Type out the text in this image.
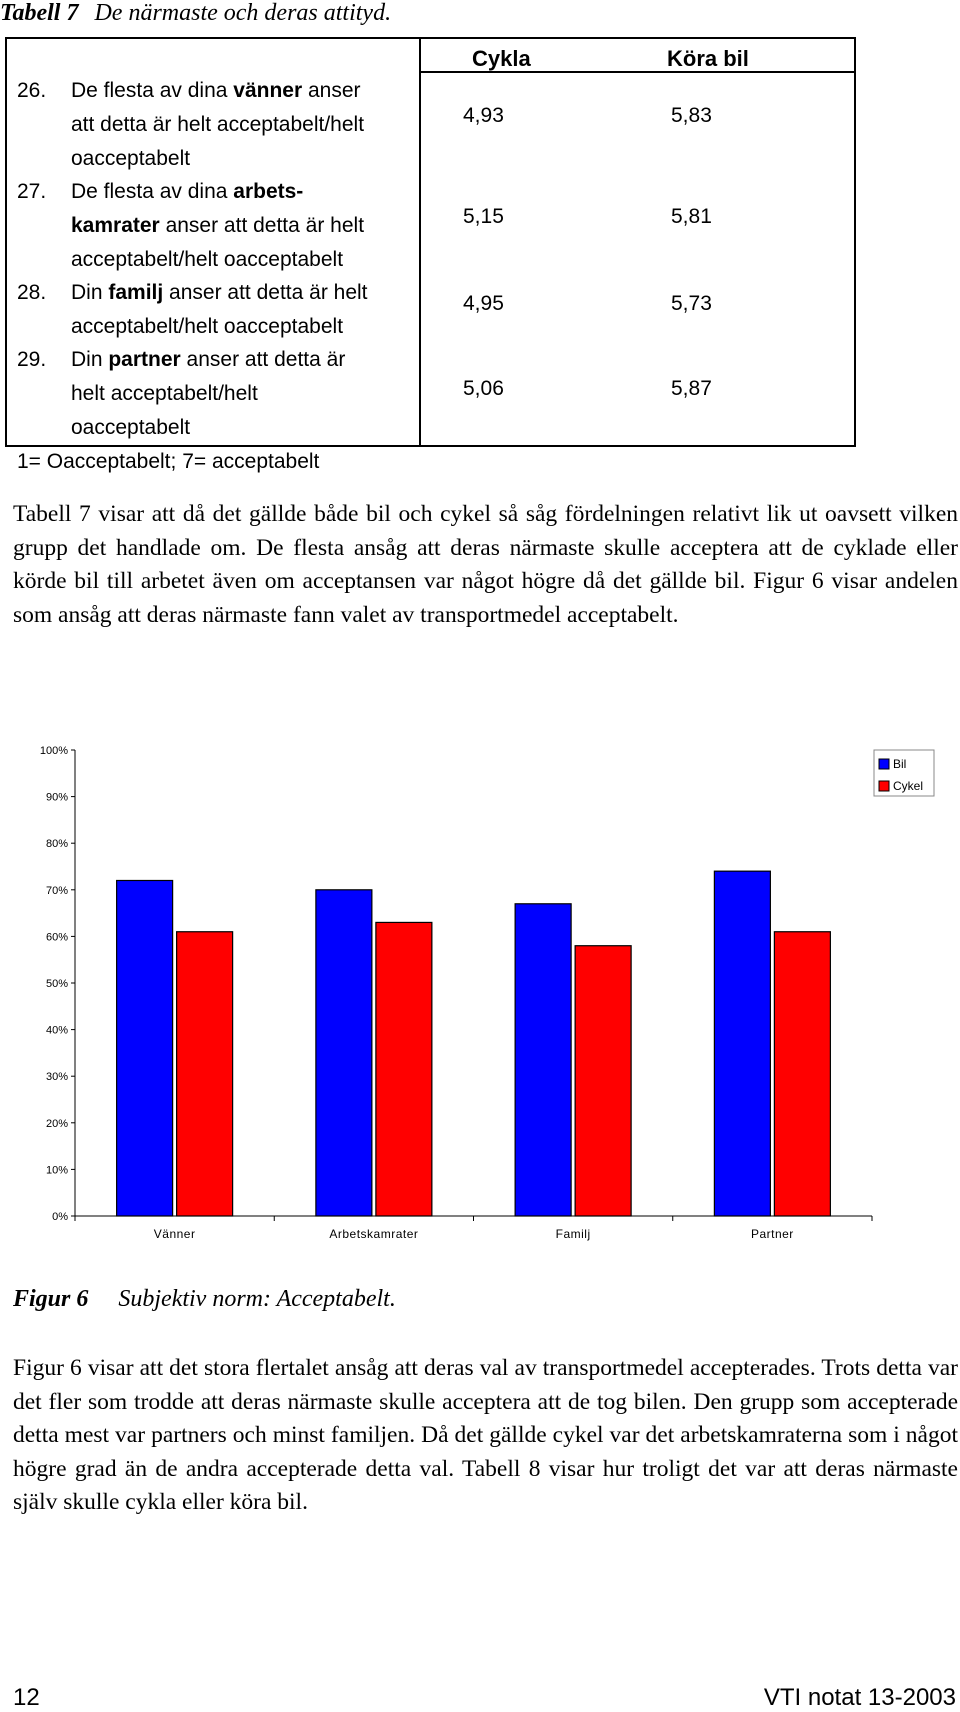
Tabell 7 De närmaste och deras attityd.
Cykla	Köra bil
26. De flesta av dina vänner anser
att detta är helt acceptabelt/helt
oacceptabelt
4,93	5,83
27. De flesta av dina arbets-
kamrater anser att detta är helt
acceptabelt/helt oacceptabelt
5,15	5,81
28. Din familj anser att detta är helt
acceptabelt/helt oacceptabelt
4,95	5,73
29. Din partner anser att detta är
helt acceptabelt/helt
oacceptabelt
5,06	5,87
1= Oacceptabelt; 7= acceptabelt

Tabell 7 visar att då det gällde både bil och cykel så såg fördelningen relativt lik ut oavsett vilken grupp det handlade om. De flesta ansåg att deras närmaste skulle acceptera att de cyklade eller körde bil till arbetet även om acceptansen var något högre då det gällde bil. Figur 6 visar andelen som ansåg att deras närmaste fann valet av transportmedel acceptabelt.

0%
10%
20%
30%
40%
50%
60%
70%
80%
90%
100%
Vänner	Arbetskamrater	Familj	Partner
Bil
Cykel
Figur 6 Subjektiv norm: Acceptabelt.

Figur 6 visar att det stora flertalet ansåg att deras val av transportmedel accepterades. Trots detta var det fler som trodde att deras närmaste skulle acceptera att de tog bilen. Den grupp som accepterade detta mest var partners och minst familjen. Då det gällde cykel var det arbetskamraterna som i något högre grad än de andra accepterade detta val. Tabell 8 visar hur troligt det var att deras närmaste själv skulle cykla eller köra bil.

12	VTI notat 13-2003
